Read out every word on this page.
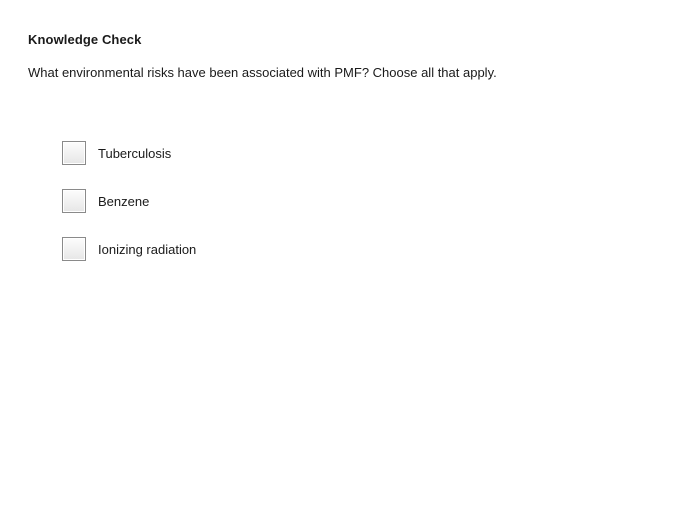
Knowledge Check

What environmental risks have been associated with PMF? Choose all that apply.

Tuberculosis
Benzene
Ionizing radiation
